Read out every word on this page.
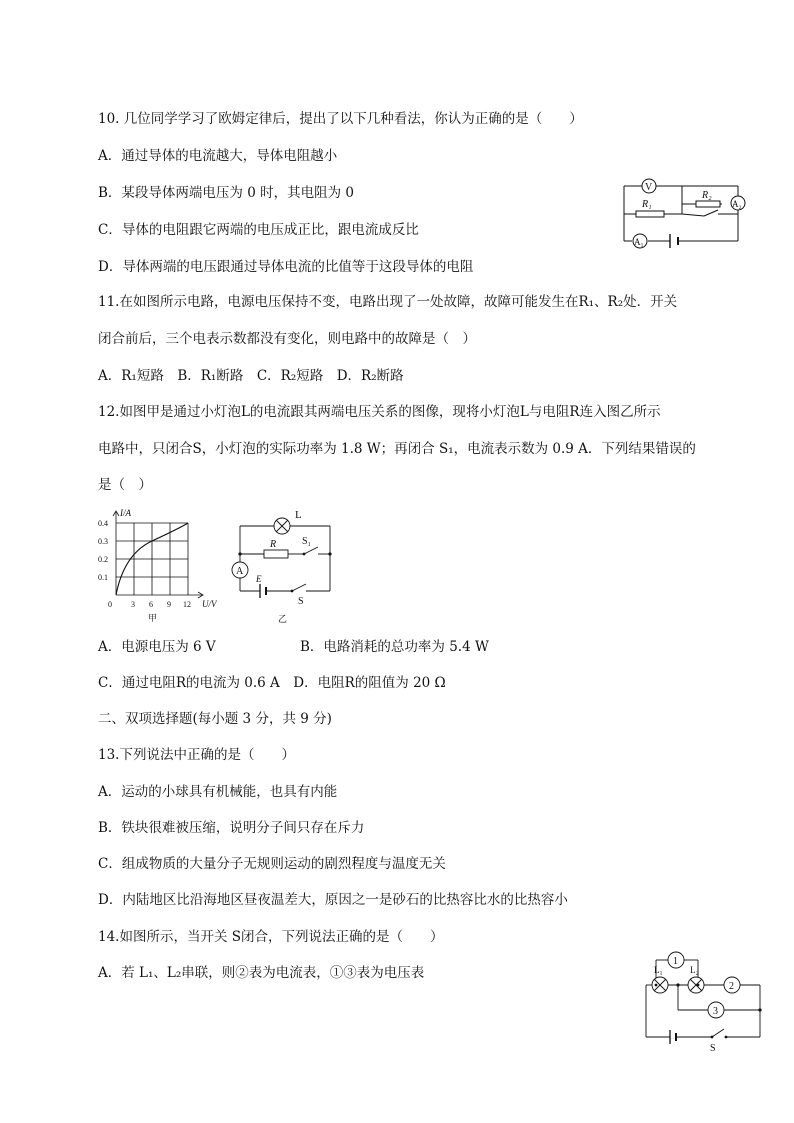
10. 几位同学学习了欧姆定律后，提出了以下几种看法，你认为正确的是（　　）
A．通过导体的电流越大，导体电阻越小
B．某段导体两端电压为 0 时，其电阻为 0
C．导体的电阻跟它两端的电压成正比，跟电流成反比
D．导体两端的电压跟通过导体电流的比值等于这段导体的电阻
V
A₁
A₂
R₁
R₂
11.在如图所示电路，电源电压保持不变，电路出现了一处故障，故障可能发生在R₁、R₂处．开关
闭合前后，三个电表示数都没有变化，则电路中的故障是（　）
A．R₁短路　B．R₁断路　C．R₂短路　D．R₂断路
12.如图甲是通过小灯泡L的电流跟其两端电压关系的图像，现将小灯泡L与电阻R连入图乙所示
电路中，只闭合S，小灯泡的实际功率为 1.8 W；再闭合 S₁，电流表示数为 0.9 A．下列结果错误的
是（　）
I/A
U/V
0.4
0.3
0.2
0.1
0 3 6 9 12
甲
L
R	S₁
A
E
S
乙
A．电源电压为 6 V	B．电路消耗的总功率为 5.4 W
C．通过电阻R的电流为 0.6 A　D．电阻R的阻值为 20 Ω
二、双项选择题(每小题 3 分，共 9 分)
13.下列说法中正确的是（　　）
A．运动的小球具有机械能，也具有内能
B．铁块很难被压缩，说明分子间只存在斥力
C．组成物质的大量分子无规则运动的剧烈程度与温度无关
D．内陆地区比沿海地区昼夜温差大，原因之一是砂石的比热容比水的比热容小
14.如图所示，当开关 S闭合，下列说法正确的是（　　）
A．若 L₁、L₂串联，则②表为电流表，①③表为电压表
1
2
3
L₁	L₂
S
